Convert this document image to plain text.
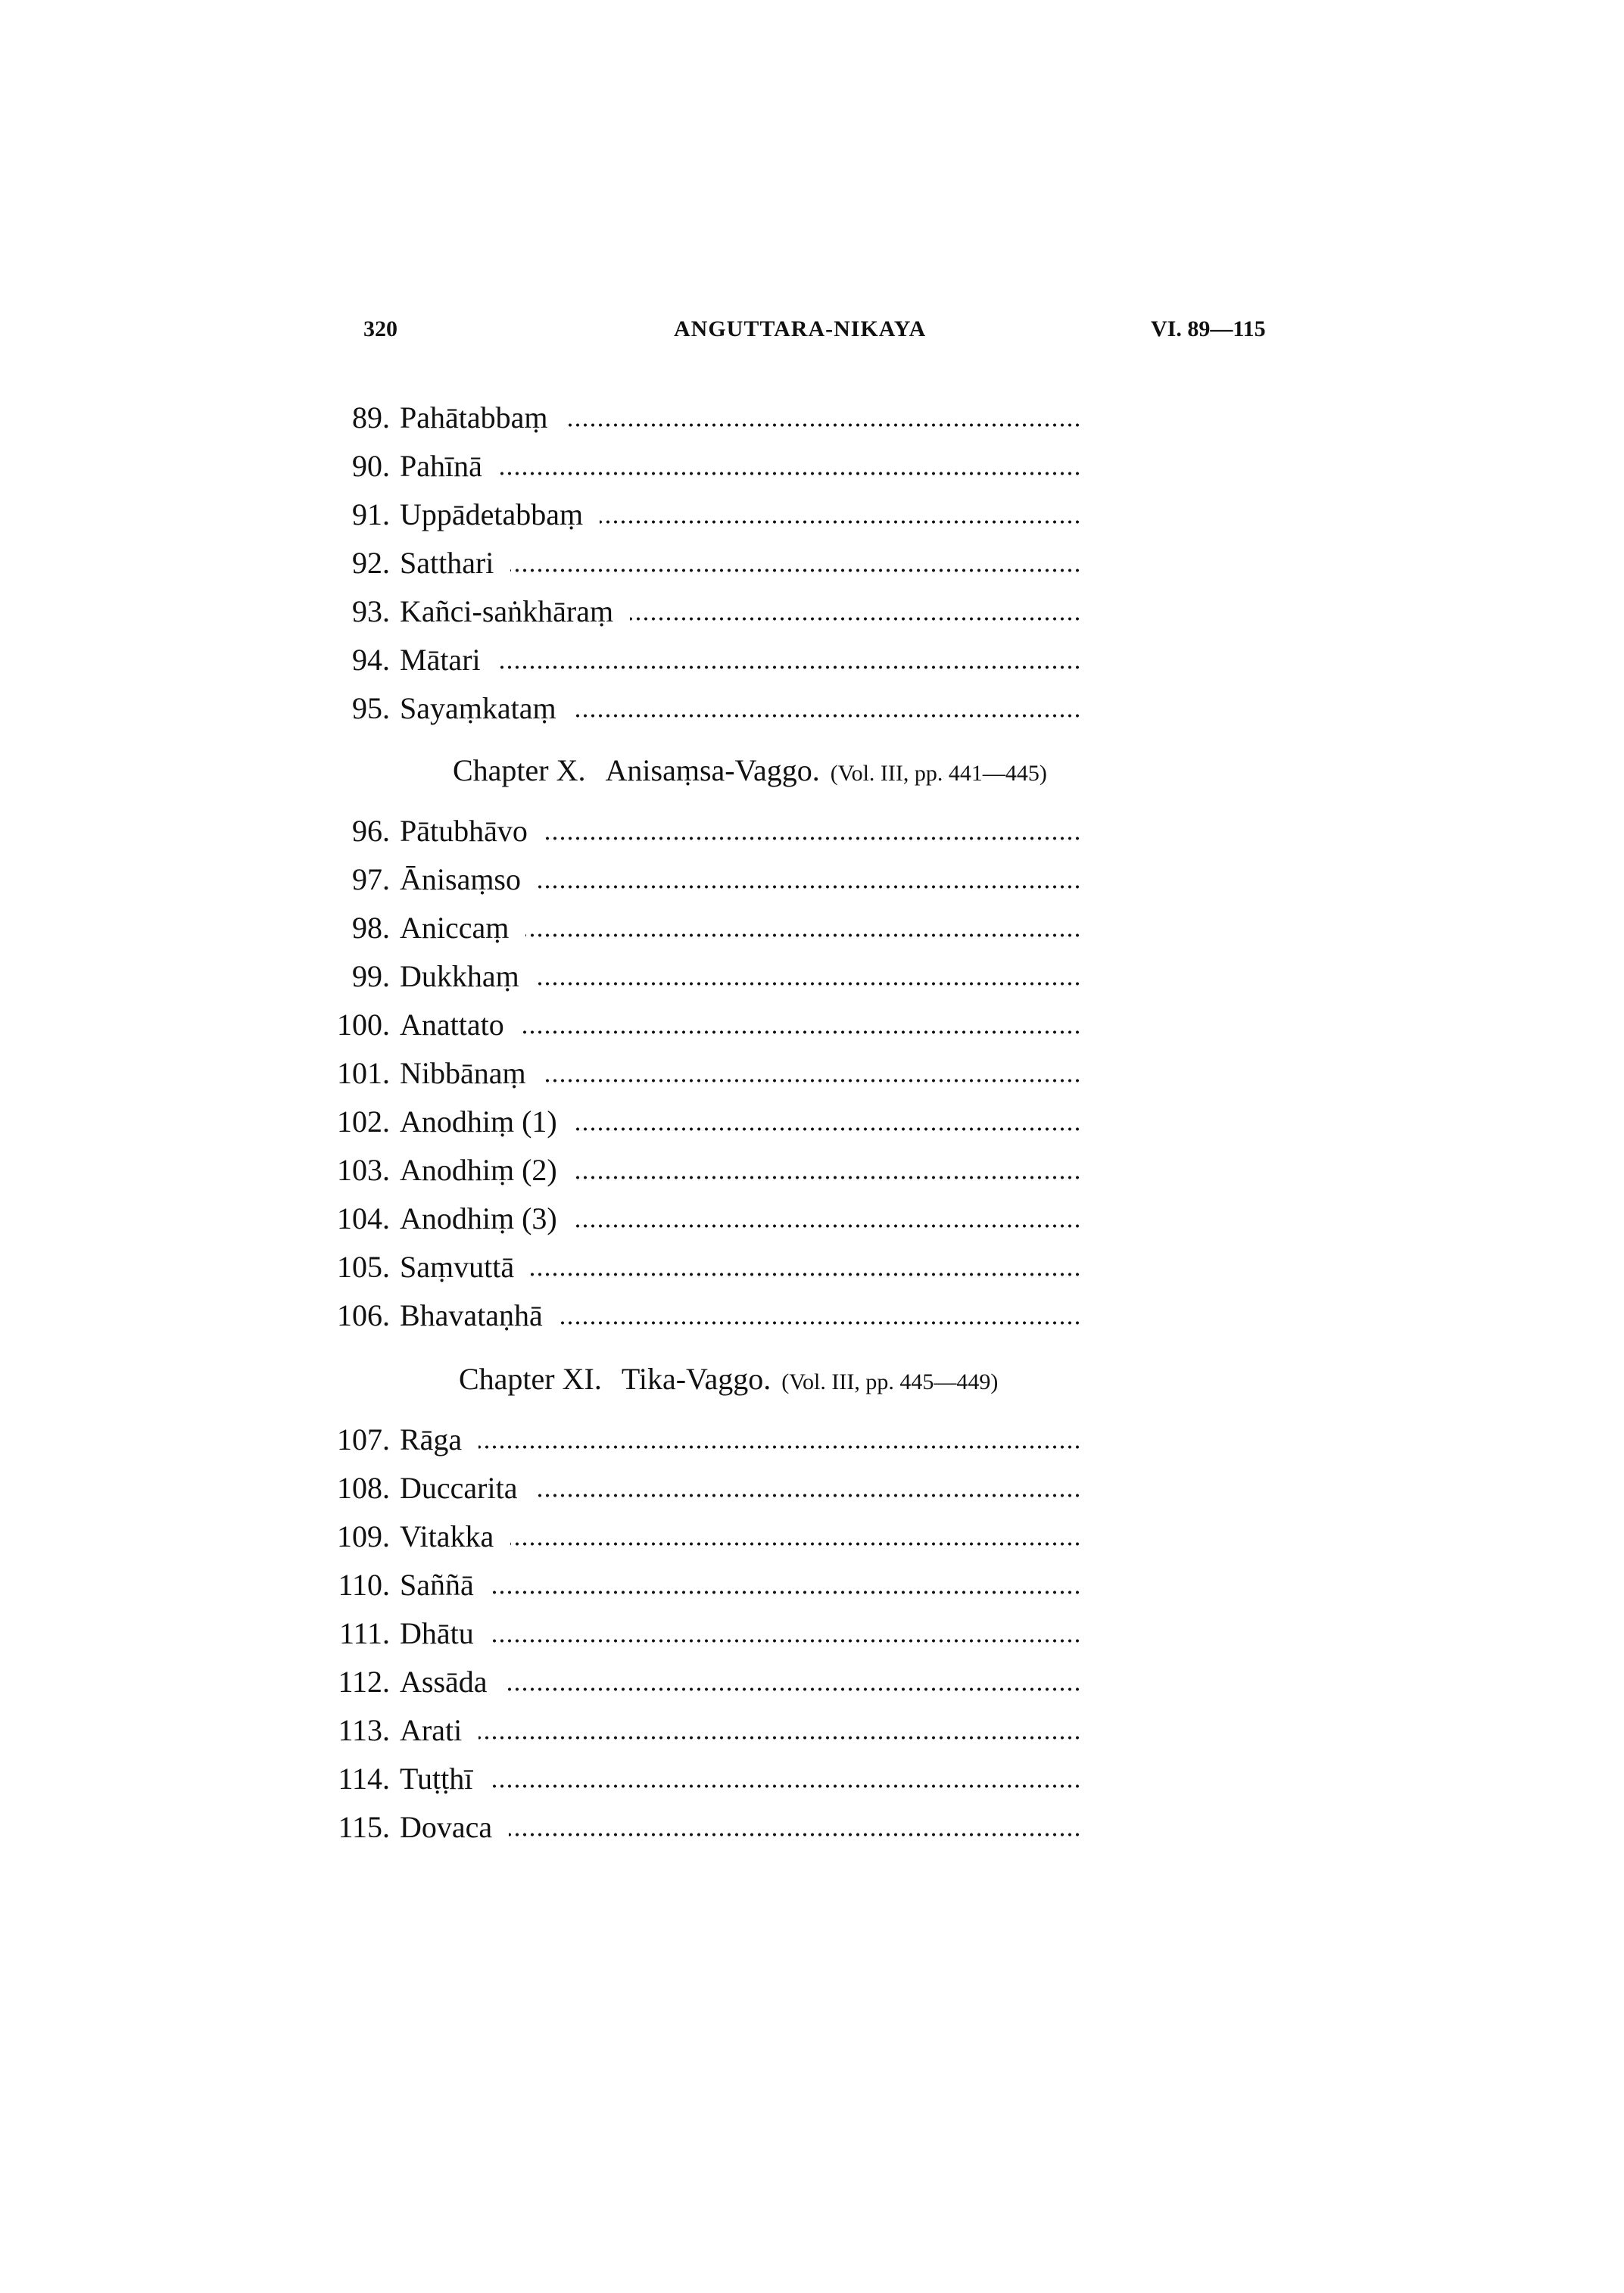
320	ANGUTTARA-NIKAYA	VI. 89—115
89. Pahātabbaṃ
90. Pahīnā
91. Uppādetabbaṃ
92. Satthari
93. Kañci-saṅkhāraṃ
94. Mātari
95. Sayaṃkataṃ
Chapter X. Anisaṃsa-Vaggo. (Vol. III, pp. 441—445)
96. Pātubhāvo
97. Ānisaṃso
98. Aniccaṃ
99. Dukkhaṃ
100. Anattato
101. Nibbānaṃ
102. Anodhiṃ (1)
103. Anodhiṃ (2)
104. Anodhiṃ (3)
105. Saṃvuttā
106. Bhavataṇhā
Chapter XI. Tika-Vaggo. (Vol. III, pp. 445—449)
107. Rāga
108. Duccarita
109. Vitakka
110. Saññā
111. Dhātu
112. Assāda
113. Arati
114. Tuṭṭhī
115. Dovaca
